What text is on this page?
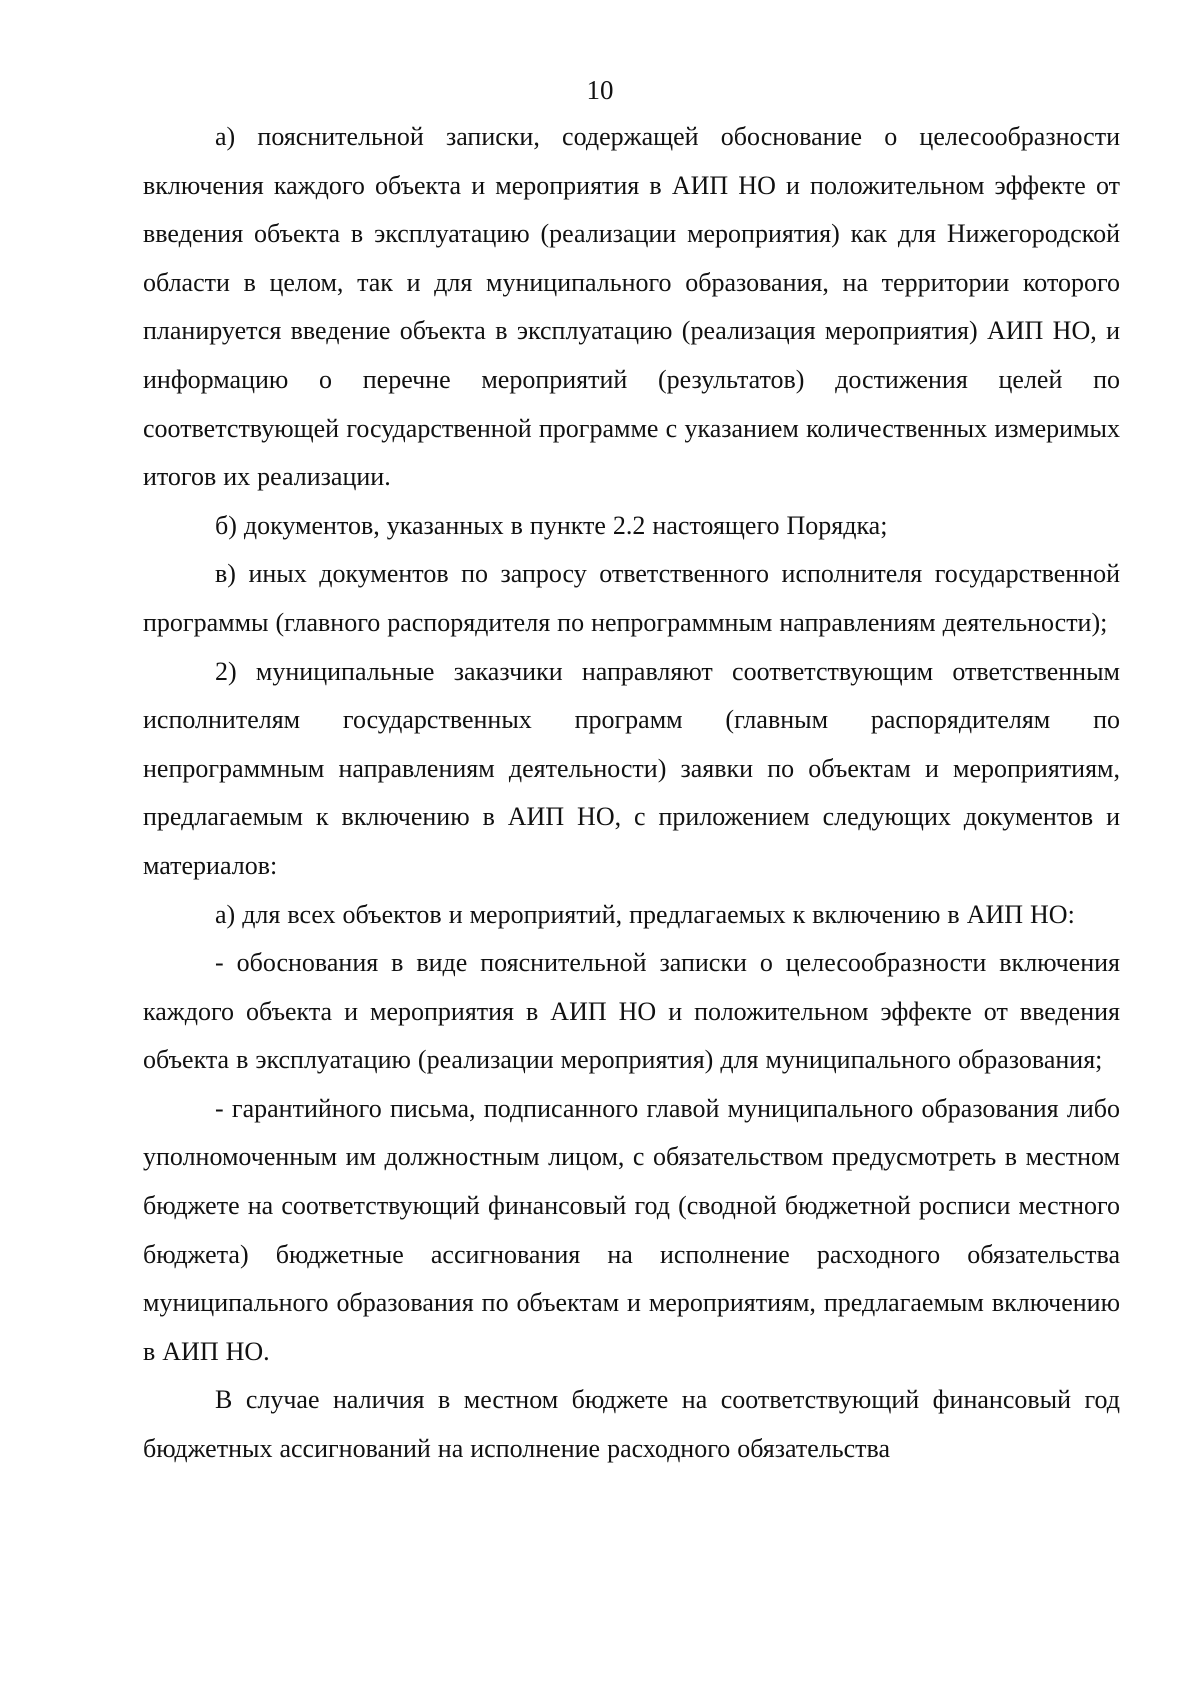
10

а) пояснительной записки, содержащей обоснование о целесообразности включения каждого объекта и мероприятия в АИП НО и положительном эффекте от введения объекта в эксплуатацию (реализации мероприятия) как для Нижегородской области в целом, так и для муниципального образования, на территории которого планируется введение объекта в эксплуатацию (реализация мероприятия) АИП НО, и информацию о перечне мероприятий (результатов) достижения целей по соответствующей государственной программе с указанием количественных измеримых итогов их реализации.

б) документов, указанных в пункте 2.2 настоящего Порядка;

в) иных документов по запросу ответственного исполнителя государственной программы (главного распорядителя по непрограммным направлениям деятельности);

2) муниципальные заказчики направляют соответствующим ответственным исполнителям государственных программ (главным распорядителям по непрограммным направлениям деятельности) заявки по объектам и мероприятиям, предлагаемым к включению в АИП НО, с приложением следующих документов и материалов:

а) для всех объектов и мероприятий, предлагаемых к включению в АИП НО:

- обоснования в виде пояснительной записки о целесообразности включения каждого объекта и мероприятия в АИП НО и положительном эффекте от введения объекта в эксплуатацию (реализации мероприятия) для муниципального образования;

- гарантийного письма, подписанного главой муниципального образования либо уполномоченным им должностным лицом, с обязательством предусмотреть в местном бюджете на соответствующий финансовый год (сводной бюджетной росписи местного бюджета) бюджетные ассигнования на исполнение расходного обязательства муниципального образования по объектам и мероприятиям, предлагаемым включению в АИП НО.

В случае наличия в местном бюджете на соответствующий финансовый год бюджетных ассигнований на исполнение расходного обязательства
